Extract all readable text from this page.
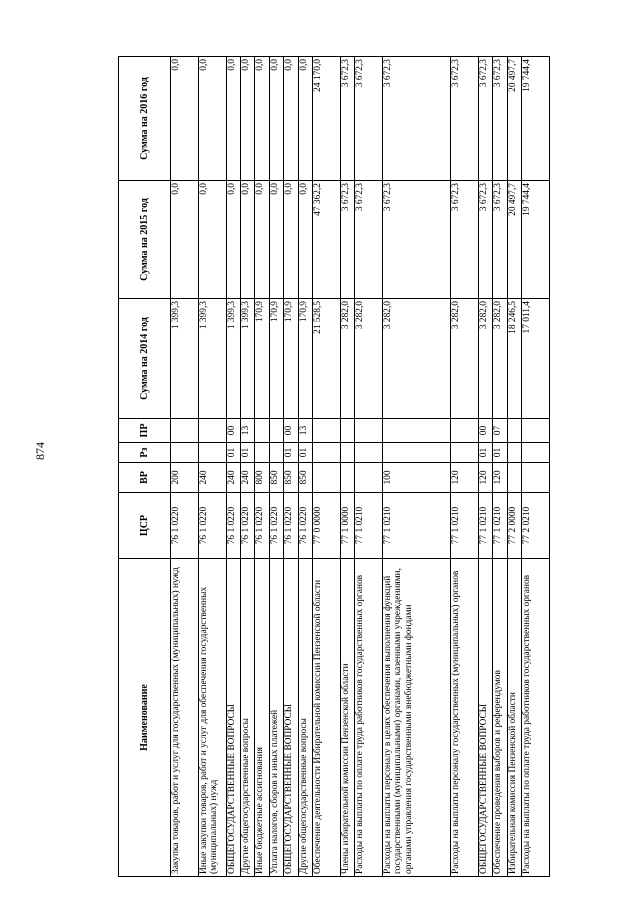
874
Наименование	ЦСР	ВР	Рз	ПР	Сумма на 2014 год	Сумма на 2015 год	Сумма на 2016 год
Закупка товаров, работ и услуг для государственных (муниципальных) нужд	76 1 0220	200			1 399,3	0,0	0,0
Иные закупки товаров, работ и услуг для обеспечения государственных (муниципальных) нужд	76 1 0220	240			1 399,3	0,0	0,0
ОБЩЕГОСУДАРСТВЕННЫЕ ВОПРОСЫ	76 1 0220	240	01	00	1 399,3	0,0	0,0
Другие общегосударственные вопросы	76 1 0220	240	01	13	1 399,3	0,0	0,0
Иные бюджетные ассигнования	76 1 0220	800			170,9	0,0	0,0
Уплата налогов, сборов и иных платежей	76 1 0220	850			170,9	0,0	0,0
ОБЩЕГОСУДАРСТВЕННЫЕ ВОПРОСЫ	76 1 0220	850	01	00	170,9	0,0	0,0
Другие общегосударственные вопросы	76 1 0220	850	01	13	170,9	0,0	0,0
Обеспечение деятельности Избирательной комиссии Пензенской области	77 0 0000				21 528,5	47 362,2	24 170,0
Члены избирательной комиссии Пензенской области	77 1 0000				3 282,0	3 672,3	3 672,3
Расходы на выплаты по оплате труда работников государственных органов	77 1 0210				3 282,0	3 672,3	3 672,3
Расходы на выплаты персоналу в целях обеспечения выполнения функций государственными (муниципальными) органами, казенными учреждениями, органами управления государственными внебюджетными фондами	77 1 0210	100			3 282,0	3 672,3	3 672,3
Расходы на выплаты персоналу государственных (муниципальных) органов	77 1 0210	120			3 282,0	3 672,3	3 672,3
ОБЩЕГОСУДАРСТВЕННЫЕ ВОПРОСЫ	77 1 0210	120	01	00	3 282,0	3 672,3	3 672,3
Обеспечение проведения выборов и референдумов	77 1 0210	120	01	07	3 282,0	3 672,3	3 672,3
Избирательная комиссия Пензенской области	77 2 0000				18 246,5	20 497,7	20 497,7
Расходы на выплаты по оплате труда работников государственных органов	77 2 0210				17 011,4	19 744,4	19 744,4
